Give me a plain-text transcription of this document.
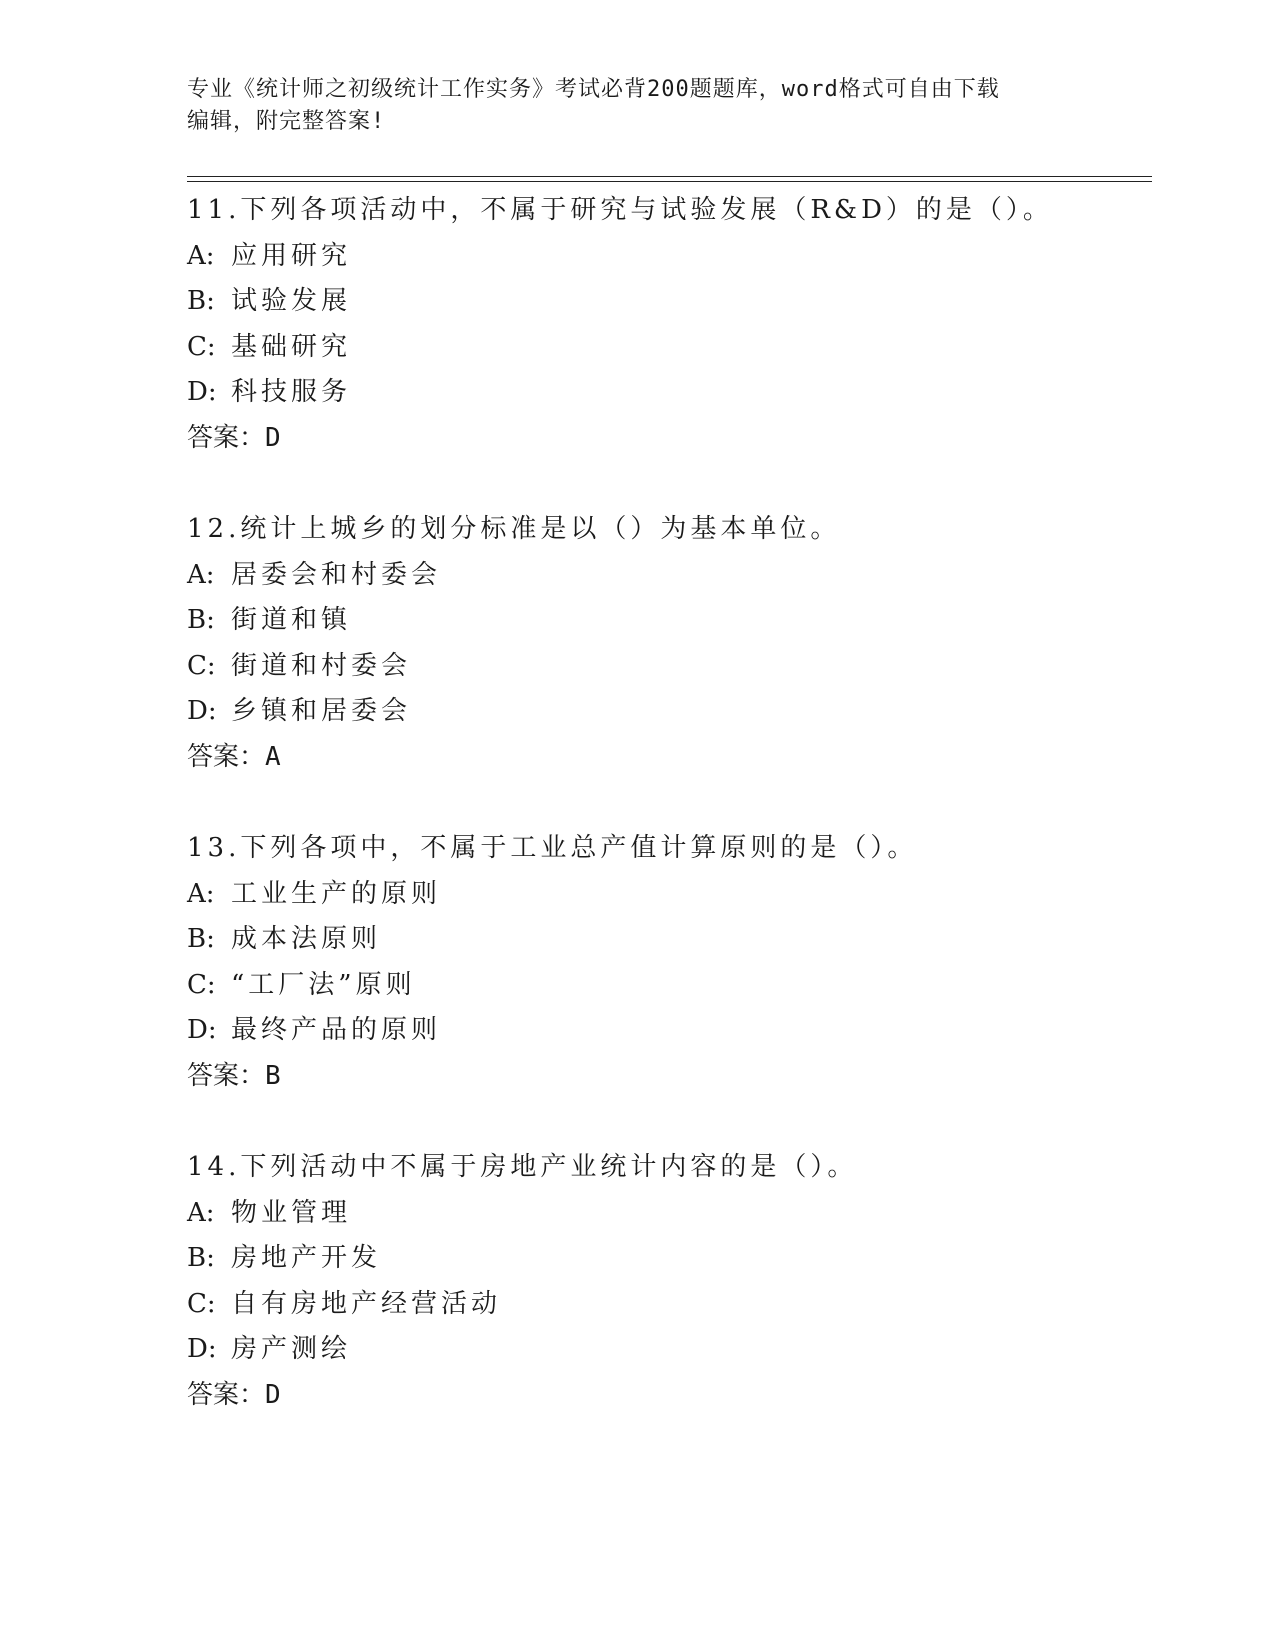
专业《统计师之初级统计工作实务》考试必背200题题库，word格式可自由下载
编辑，附完整答案!
11.下列各项活动中，不属于研究与试验发展（R&D）的是（）。
A: 应用研究
B: 试验发展
C: 基础研究
D: 科技服务
答案：D
12.统计上城乡的划分标准是以（）为基本单位。
A: 居委会和村委会
B: 街道和镇
C: 街道和村委会
D: 乡镇和居委会
答案：A
13.下列各项中，不属于工业总产值计算原则的是（）。
A: 工业生产的原则
B: 成本法原则
C: “工厂法”原则
D: 最终产品的原则
答案：B
14.下列活动中不属于房地产业统计内容的是（）。
A: 物业管理
B: 房地产开发
C: 自有房地产经营活动
D: 房产测绘
答案：D
